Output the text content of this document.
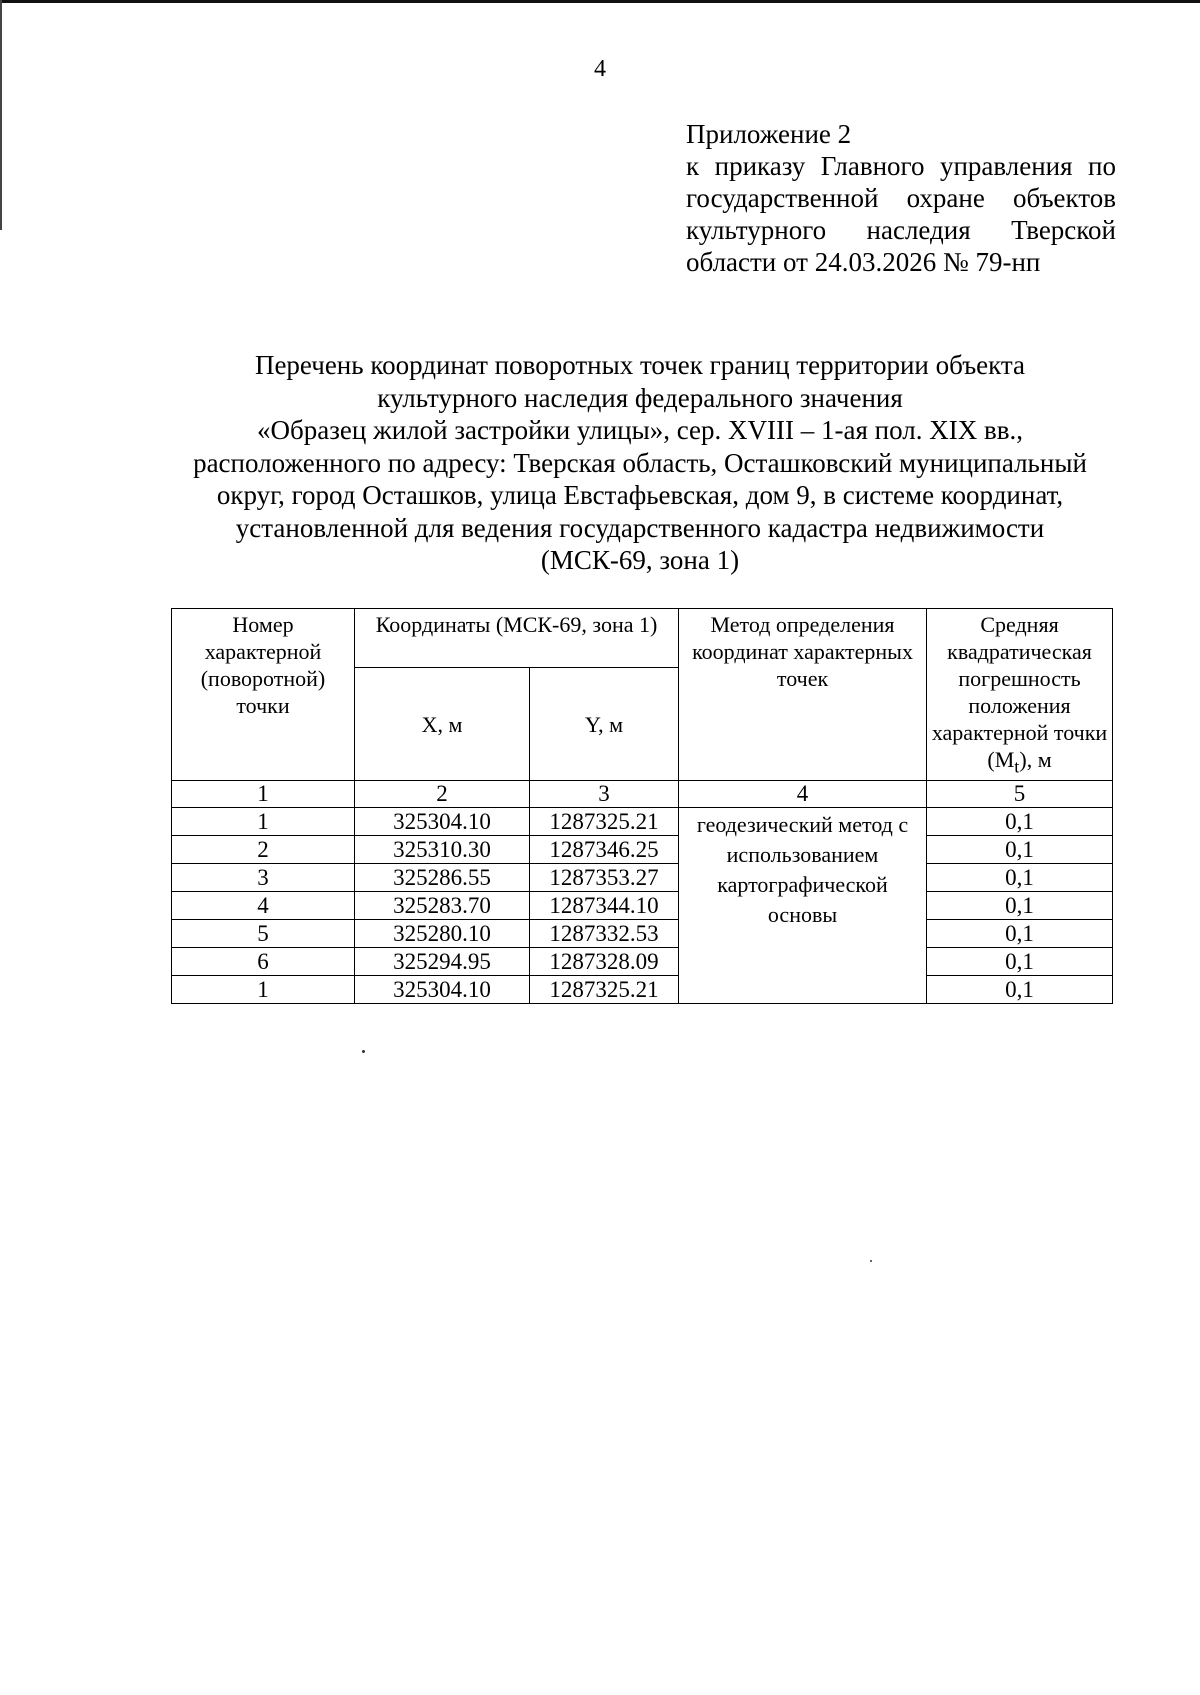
4
Приложение 2
к приказу Главного управления по
государственной охране объектов
культурного наследия Тверской
области от 24.03.2026 № 79-нп
Перечень координат поворотных точек границ территории объекта
культурного наследия федерального значения
«Образец жилой застройки улицы», сер. XVIII – 1-ая пол. XIX вв.,
расположенного по адресу: Тверская область, Осташковский муниципальный
округ, город Осташков, улица Евстафьевская, дом 9, в системе координат,
установленной для ведения государственного кадастра недвижимости
(МСК-69, зона 1)
Номер характерной (поворотной) точки	Координаты (МСК-69, зона 1)		Метод определения координат характерных точек	Средняя квадратическая погрешность положения характерной точки $(M_t)$, м
	X, м	Y, м		
1	2	3	4	5
1	325304.10	1287325.21	геодезический метод с использованием картографической основы	0,1
2	325310.30	1287346.25		0,1
3	325286.55	1287353.27		0,1
4	325283.70	1287344.10		0,1
5	325280.10	1287332.53		0,1
6	325294.95	1287328.09		0,1
1	325304.10	1287325.21		0,1
